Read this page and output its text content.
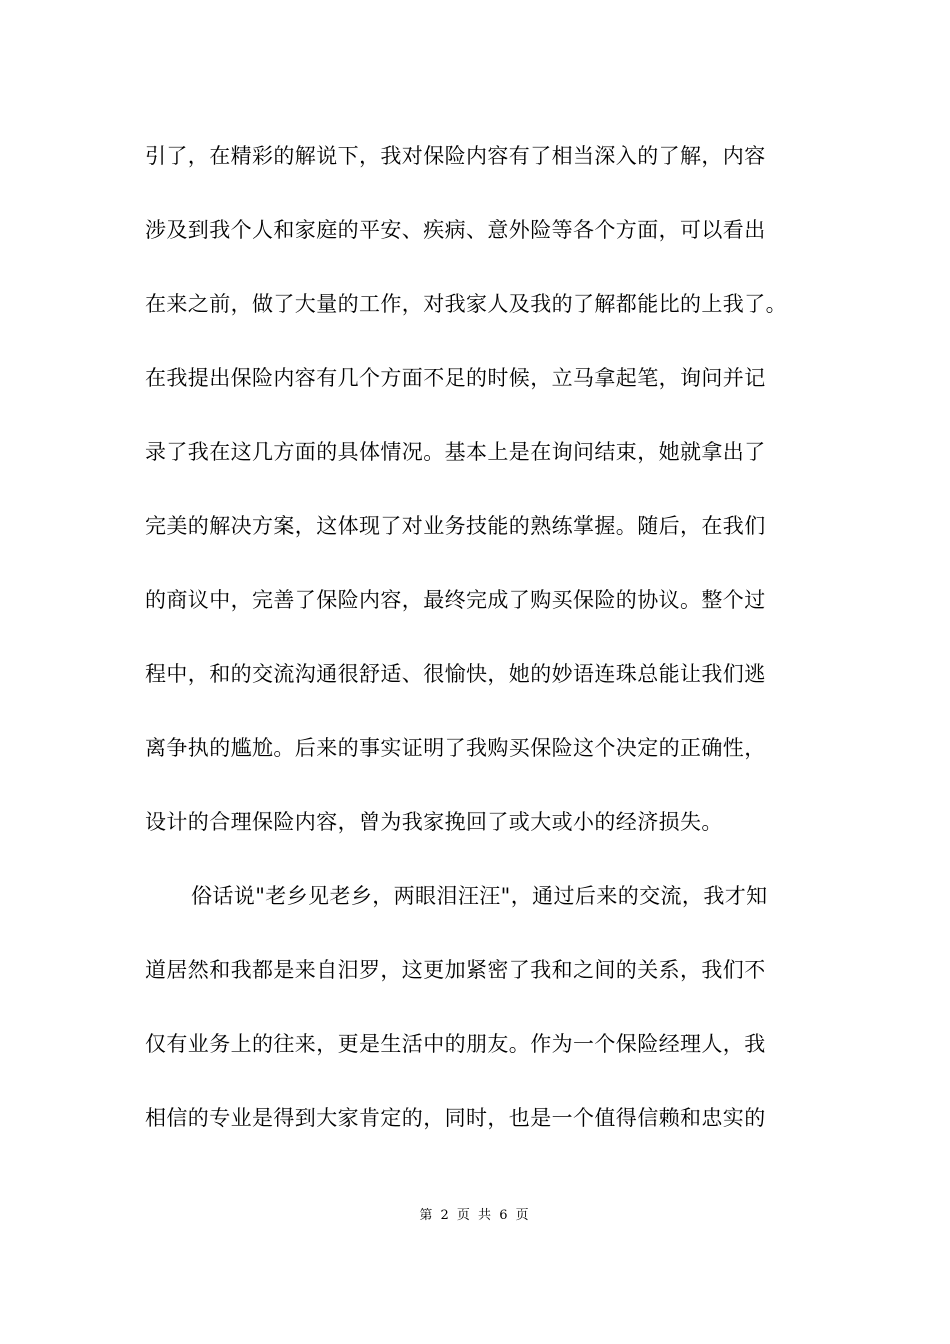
引了，在精彩的解说下，我对保险内容有了相当深入的了解，内容
涉及到我个人和家庭的平安、疾病、意外险等各个方面，可以看出
在来之前，做了大量的工作，对我家人及我的了解都能比的上我了。
在我提出保险内容有几个方面不足的时候，立马拿起笔，询问并记
录了我在这几方面的具体情况。基本上是在询问结束，她就拿出了
完美的解决方案，这体现了对业务技能的熟练掌握。随后，在我们
的商议中，完善了保险内容，最终完成了购买保险的协议。整个过
程中，和的交流沟通很舒适、很愉快，她的妙语连珠总能让我们逃
离争执的尴尬。后来的事实证明了我购买保险这个决定的正确性，
设计的合理保险内容，曾为我家挽回了或大或小的经济损失。
俗话说"老乡见老乡，两眼泪汪汪"，通过后来的交流，我才知
道居然和我都是来自汨罗，这更加紧密了我和之间的关系，我们不
仅有业务上的往来，更是生活中的朋友。作为一个保险经理人，我
相信的专业是得到大家肯定的，同时，也是一个值得信赖和忠实的
第 2 页 共 6 页
